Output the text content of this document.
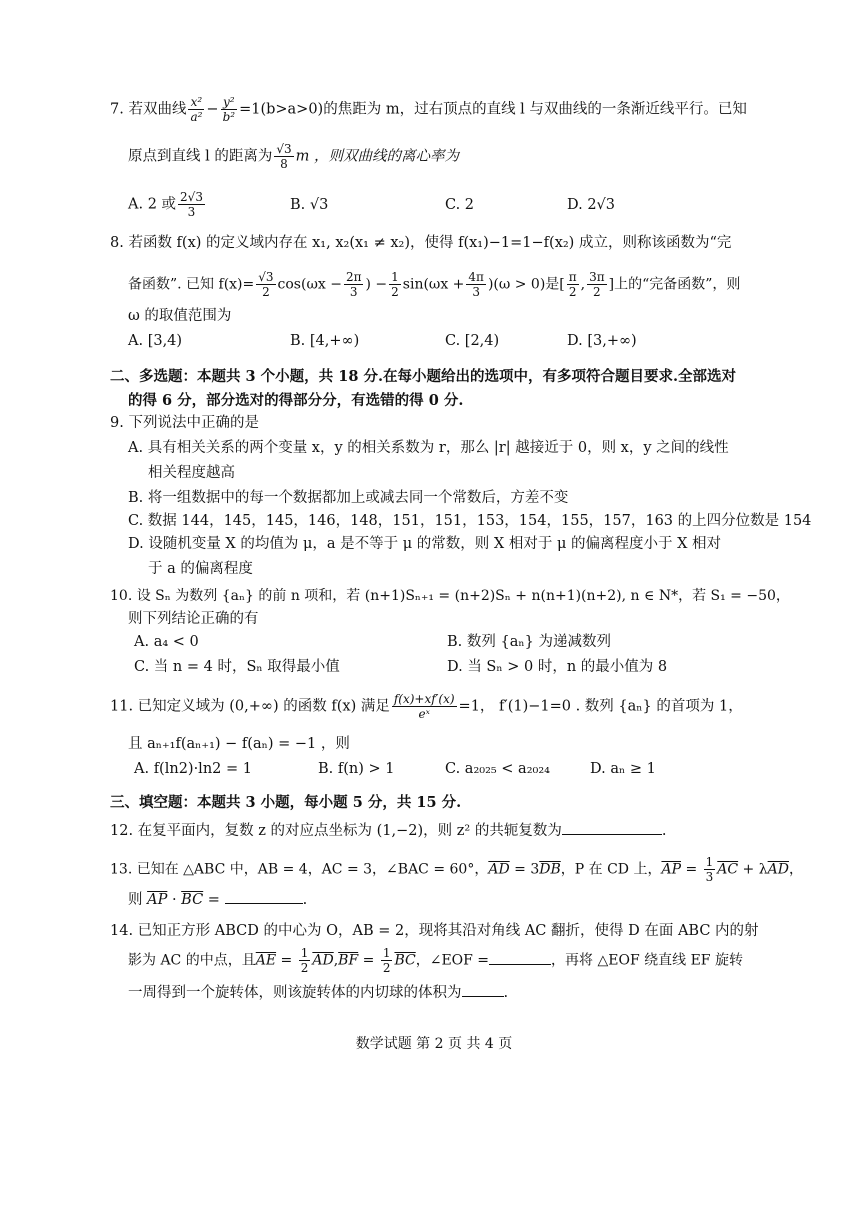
7. 若双曲线 $\frac{\text{x²}}{\text{a²}} - \frac{\text{y²}}{\text{b²}} =1(b>a>0)$的焦距为 m，过右顶点的直线 l 与双曲线的一条渐近线平行。已知
原点到直线 l 的距离为 $\frac{√3}{8}$ m ，则双曲线的离心率为
A. 2 或 $\frac{2√3}{3}$	B. √3	C. 2	D. 2√3
8. 若函数 f(x) 的定义域内存在 x₁, x₂(x₁ ≠ x₂)，使得 f(x₁)−1=1−f(x₂) 成立，则称该函数为“完
备函数”. 已知 $f(x)= \frac{√3}{2} \cos(\omega x - \frac{2\pi}{3}$ ) − $\frac{1}{2} \sin(\omega x + \frac{4\pi}{3} )(\omega > 0)$是[ $\frac{\pi}{2}$ , $\frac{3\pi}{2}$ ]上的“完备函数”，则
ω 的取值范围为
A. [3,4)	B. [4,+∞)	C. [2,4)	D. [3,+∞)
二、多选题：本题共 3 个小题，共 18 分.在每小题给出的选项中，有多项符合题目要求.全部选对
的得 6 分，部分选对的得部分分，有选错的得 0 分.
9. 下列说法中正确的是
A. 具有相关关系的两个变量 x，y 的相关系数为 r，那么 |r| 越接近于 0，则 x，y 之间的线性
相关程度越高
B. 将一组数据中的每一个数据都加上或减去同一个常数后，方差不变
C. 数据 144，145，145，146，148，151，151，153，154，155，157，163 的上四分位数是 154
D. 设随机变量 X 的均值为 μ，a 是不等于 μ 的常数，则 X 相对于 μ 的偏离程度小于 X 相对
于 a 的偏离程度
10. 设 Sₙ 为数列 {aₙ} 的前 n 项和，若 (n+1)Sₙ₊₁ = (n+2)Sₙ + n(n+1)(n+2), n ∈ N*，若 S₁ = −50，
则下列结论正确的有
A. a₄ < 0	B. 数列 {aₙ} 为递减数列
C. 当 n = 4 时，Sₙ 取得最小值	D. 当 Sₙ > 0 时，n 的最小值为 8
11. 已知定义域为 (0,+∞) 的函数 f(x) 满足 $\frac{f(x)+xf'(x)}{\text{eˣ}} =1$， f′(1)−1=0 . 数列 {aₙ} 的首项为 1，
且 aₙ₊₁f(aₙ₊₁) − f(aₙ) = −1 ，则
A. f(ln2)·ln2 = 1	B. f(n) > 1	C. a₂₀₂₅ < a₂₀₂₄	D. aₙ ≥ 1
三、填空题：本题共 3 小题，每小题 5 分，共 15 分.
12. 在复平面内，复数 z 的对应点坐标为 (1,−2)，则 z² 的共轭复数为	.
13. 已知在 △ABC 中，AB = 4，AC = 3，∠BAC = 60°，$\overline{AD} = 3\overline{DB}$，P 在 CD 上，$\overline{AP} = \frac{1}{3} \overline{AC} + \lambda\overline{AD}$，
则 $\overline{AP} \cdot \overline{BC}$ =	.
14. 已知正方形 ABCD 的中心为 O，AB = 2，现将其沿对角线 AC 翻折，使得 D 在面 ABC 内的射
影为 AC 的中点，且$\overline{AE} = \frac{1}{2} \overline{AD},\overline{BF} = \frac{1}{2} \overline{BC}$，∠EOF =	，再将 △EOF 绕直线 EF 旋转
一周得到一个旋转体，则该旋转体的内切球的体积为	.
数学试题 第 2 页 共 4 页
